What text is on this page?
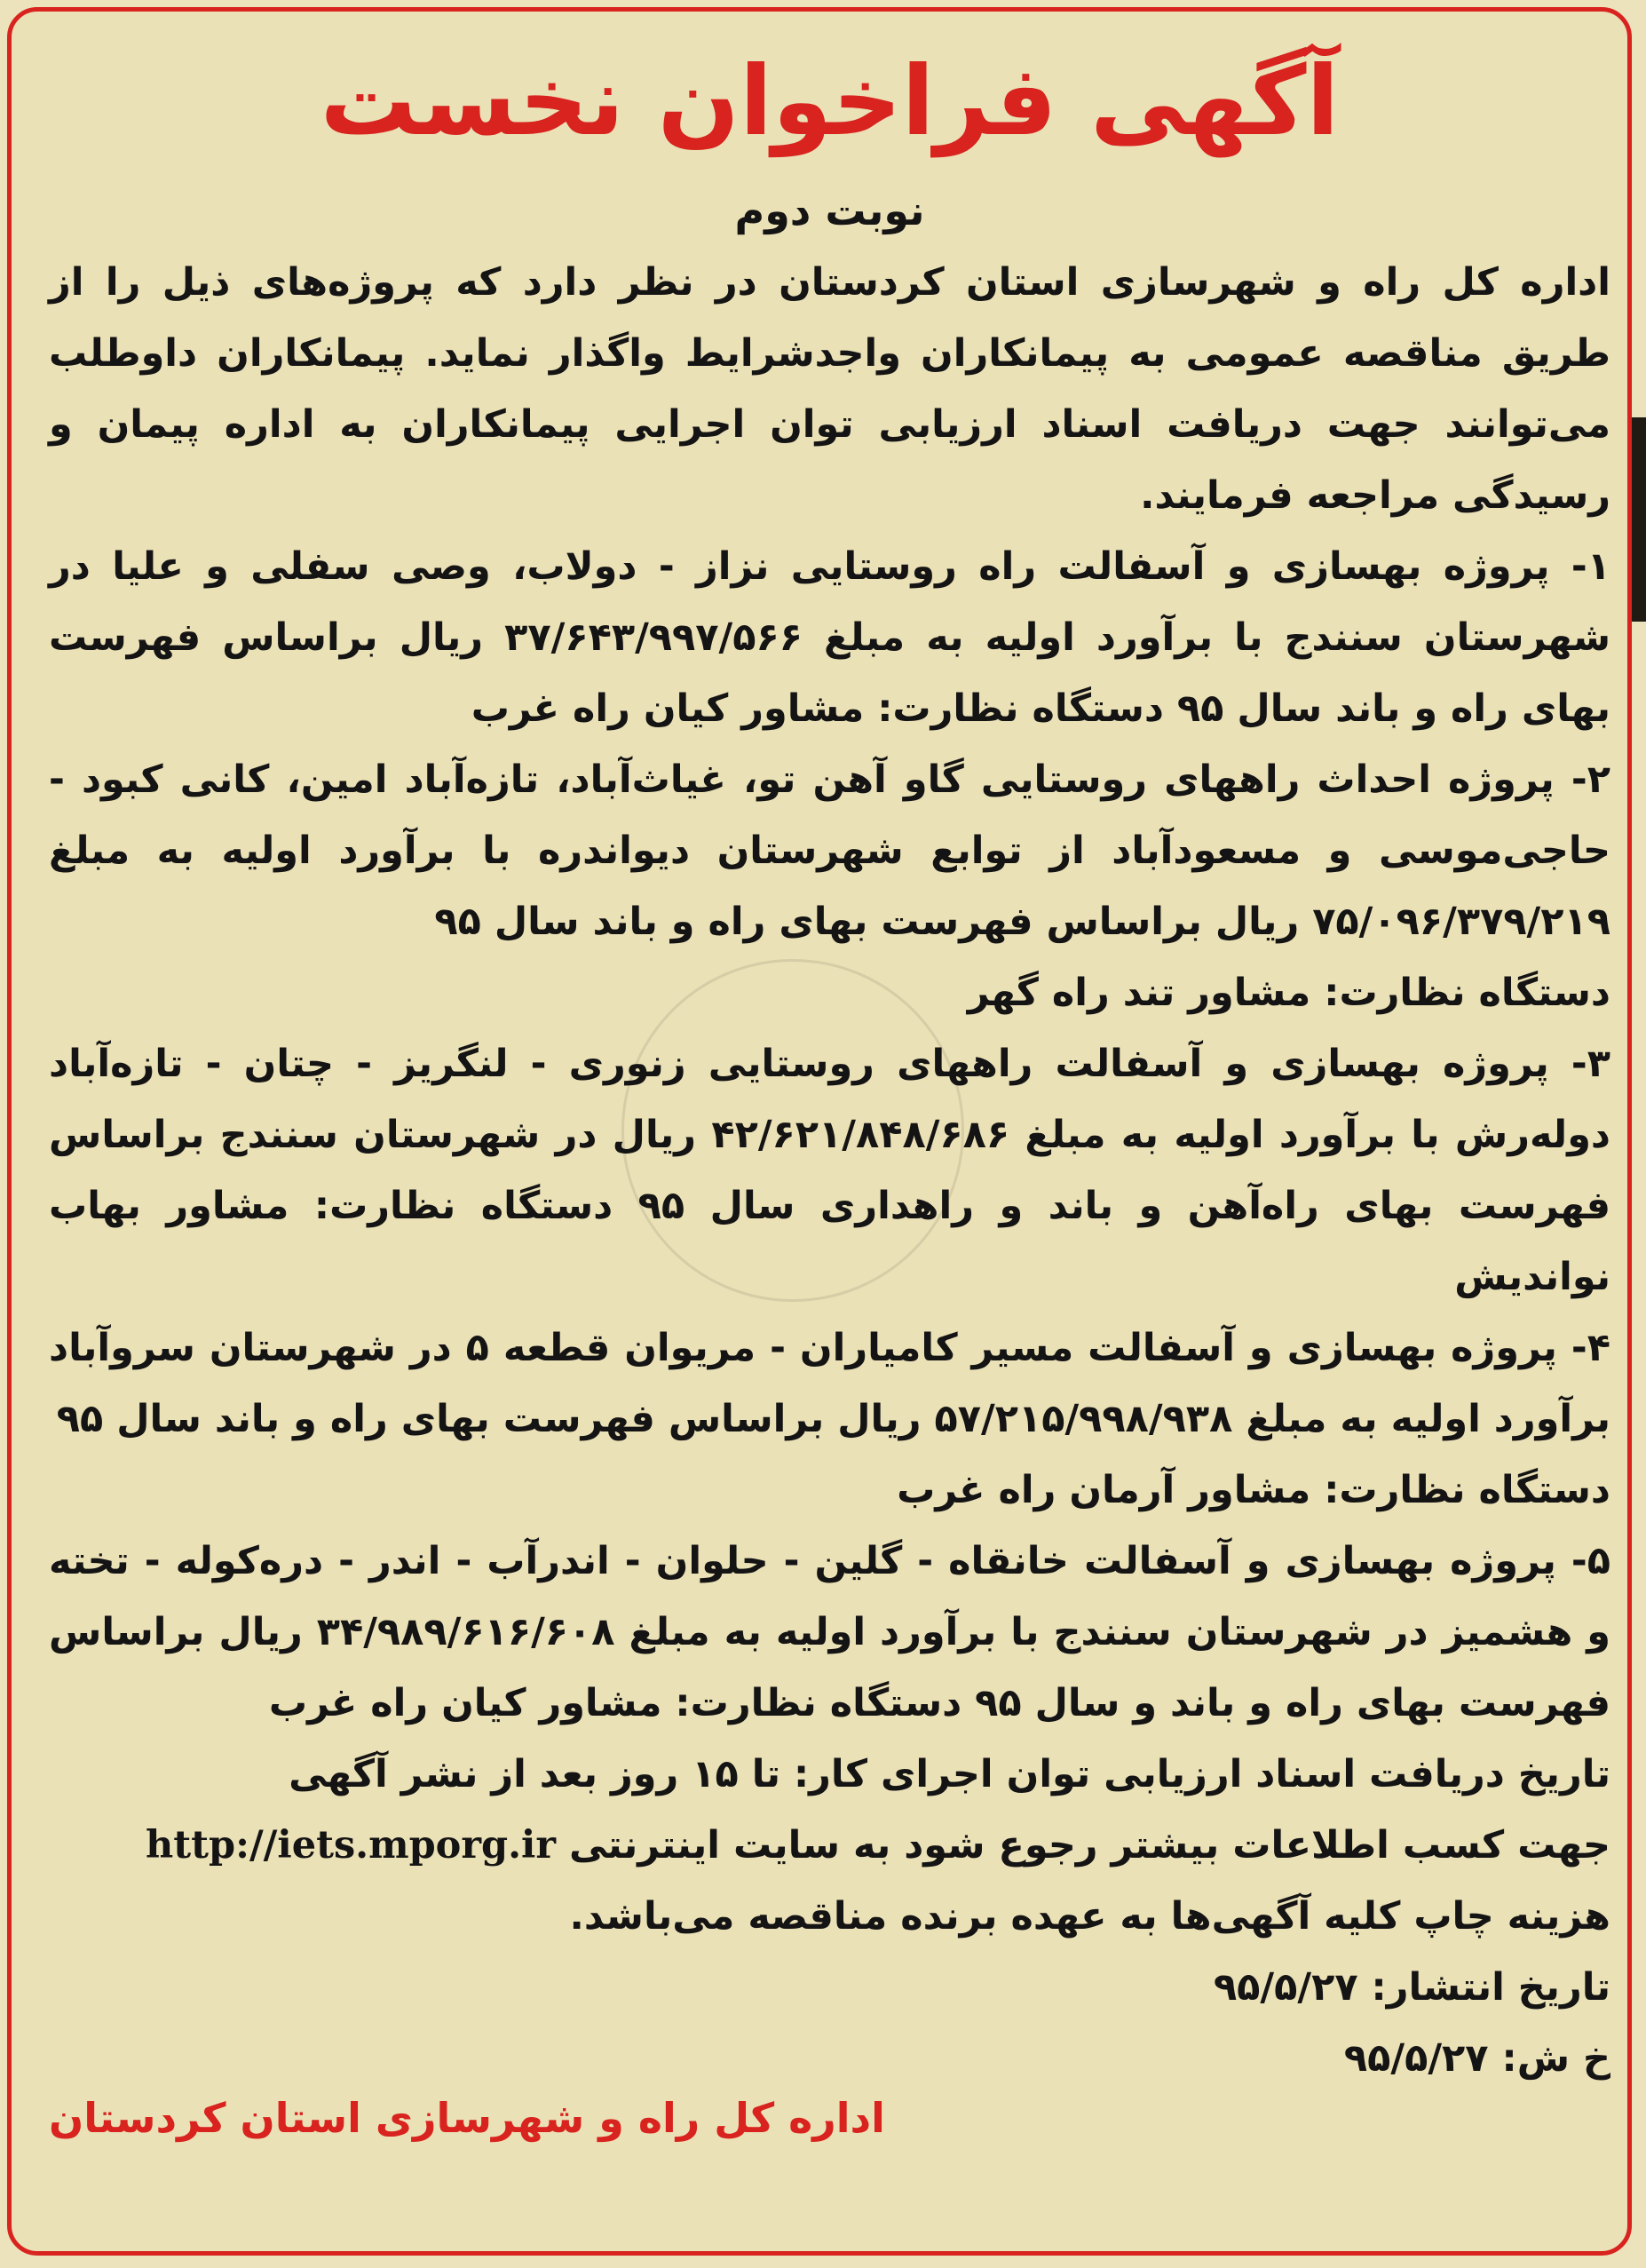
آگهی فراخوان نخست
نوبت دوم

اداره کل راه و شهرسازی استان کردستان در نظر دارد که پروژه‌های ذیل را از طریق مناقصه عمومی به پیمانکاران واجدشرایط واگذار نماید. پیمانکاران داوطلب می‌توانند جهت دریافت اسناد ارزیابی توان اجرایی پیمانکاران به اداره پیمان و رسیدگی مراجعه فرمایند.

۱- پروژه بهسازی و آسفالت راه روستایی نزاز - دولاب، وصی سفلی و علیا در شهرستان سنندج با برآورد اولیه به مبلغ ۳۷/۶۴۳/۹۹۷/۵۶۶ ریال براساس فهرست بهای راه و باند سال ۹۵ دستگاه نظارت: مشاور کیان راه غرب

۲- پروژه احداث راههای روستایی گاو آهن تو، غیاث‌آباد، تازه‌آباد امین، کانی کبود - حاجی‌موسی و مسعودآباد از توابع شهرستان دیواندره با برآورد اولیه به مبلغ ۷۵/۰۹۶/۳۷۹/۲۱۹ ریال براساس فهرست بهای راه و باند سال ۹۵

دستگاه نظارت: مشاور تند راه گهر

۳- پروژه بهسازی و آسفالت راههای روستایی زنوری - لنگریز - چتان - تازه‌آباد دوله‌رش با برآورد اولیه به مبلغ ۴۲/۶۲۱/۸۴۸/۶۸۶ ریال در شهرستان سنندج براساس فهرست بهای راه‌آهن و باند و راهداری سال ۹۵ دستگاه نظارت: مشاور بهاب نواندیش

۴- پروژه بهسازی و آسفالت مسیر کامیاران - مریوان قطعه ۵ در شهرستان سروآباد برآورد اولیه به مبلغ ۵۷/۲۱۵/۹۹۸/۹۳۸ ریال براساس فهرست بهای راه و باند سال ۹۵

دستگاه نظارت: مشاور آرمان راه غرب

۵- پروژه بهسازی و آسفالت خانقاه - گلین - حلوان - اندرآب - اندر - دره‌کوله - تخته و هشمیز در شهرستان سنندج با برآورد اولیه به مبلغ ۳۴/۹۸۹/۶۱۶/۶۰۸ ریال براساس فهرست بهای راه و باند و سال ۹۵ دستگاه نظارت: مشاور کیان راه غرب

تاریخ دریافت اسناد ارزیابی توان اجرای کار: تا ۱۵ روز بعد از نشر آگهی

جهت کسب اطلاعات بیشتر رجوع شود به سایت اینترنتی http://iets.mporg.ir

هزینه چاپ کلیه آگهی‌ها به عهده برنده مناقصه می‌باشد.

تاریخ انتشار: ۹۵/۵/۲۷

خ ش: ۹۵/۵/۲۷

اداره کل راه و شهرسازی استان کردستان
